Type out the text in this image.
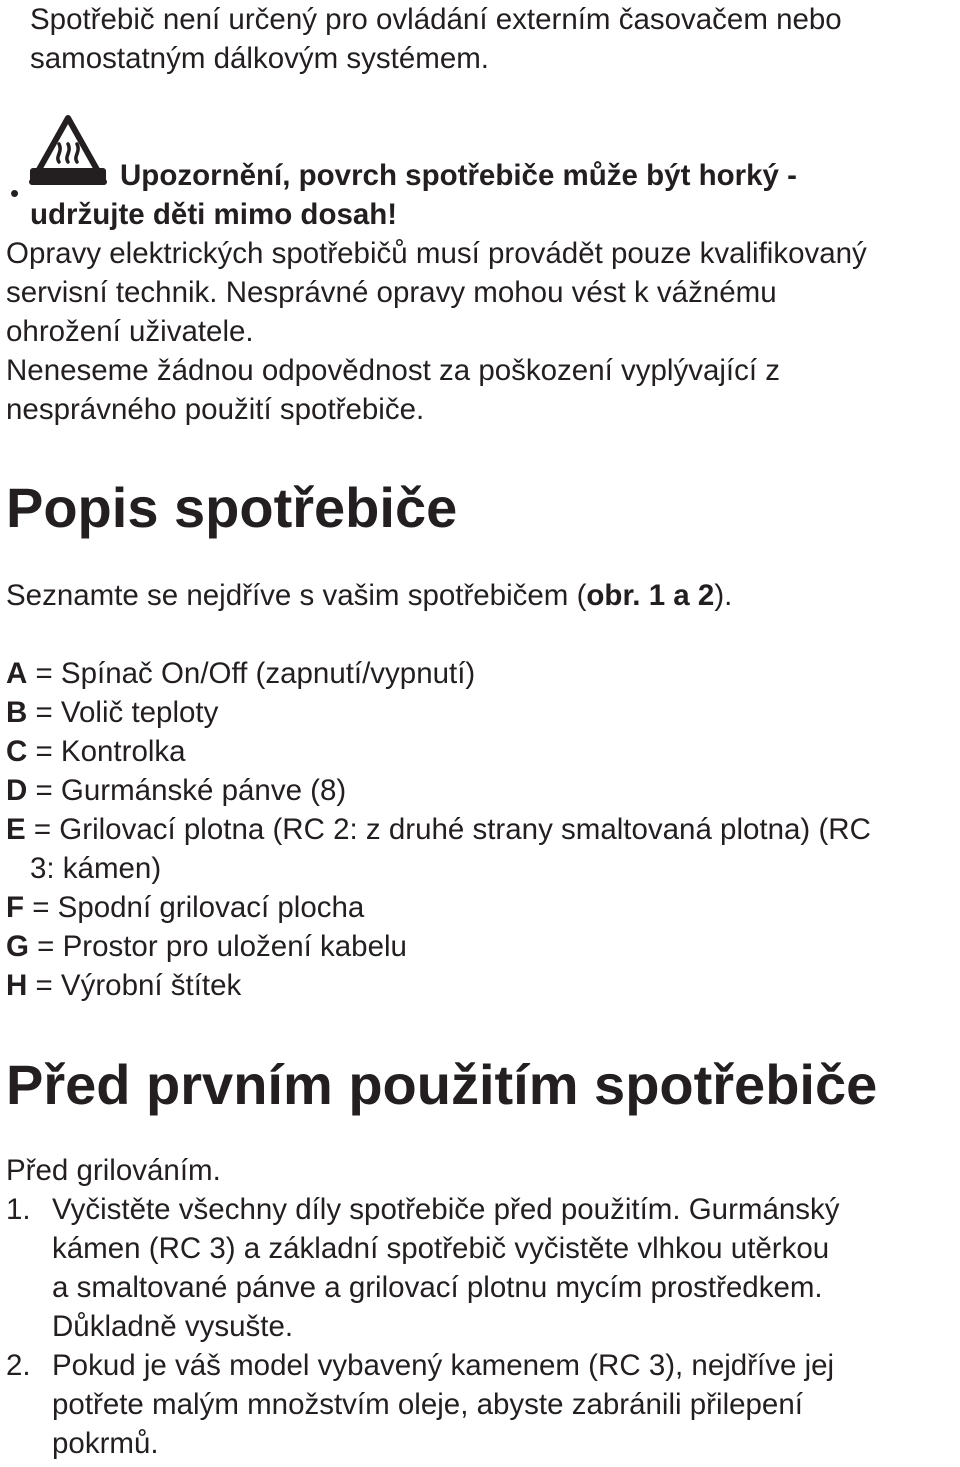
Spotřebič není určený pro ovládání externím časovačem nebo

samostatným dálkovým systémem.

•

Upozornění, povrch spotřebiče může být horký -

udržujte děti mimo dosah!

Opravy elektrických spotřebičů musí provádět pouze kvalifikovaný

servisní technik. Nesprávné opravy mohou vést k vážnému

ohrožení uživatele.

Neneseme žádnou odpovědnost za poškození vyplývající z

nesprávného použití spotřebiče.

Popis spotřebiče

Seznamte se nejdříve s vašim spotřebičem (obr. 1 a 2).

A = Spínač On/Off (zapnutí/vypnutí)

B = Volič teploty

C = Kontrolka

D = Gurmánské pánve (8)

E = Grilovací plotna (RC 2: z druhé strany smaltovaná plotna) (RC

3: kámen)

F = Spodní grilovací plocha

G = Prostor pro uložení kabelu

H = Výrobní štítek

Před prvním použitím spotřebiče

Před grilováním.

1. Vyčistěte všechny díly spotřebiče před použitím. Gurmánský

kámen (RC 3) a základní spotřebič vyčistěte vlhkou utěrkou

a smaltované pánve a grilovací plotnu mycím prostředkem.

Důkladně vysušte.

2. Pokud je váš model vybavený kamenem (RC 3), nejdříve jej

potřete malým množstvím oleje, abyste zabránili přilepení

pokrmů.
